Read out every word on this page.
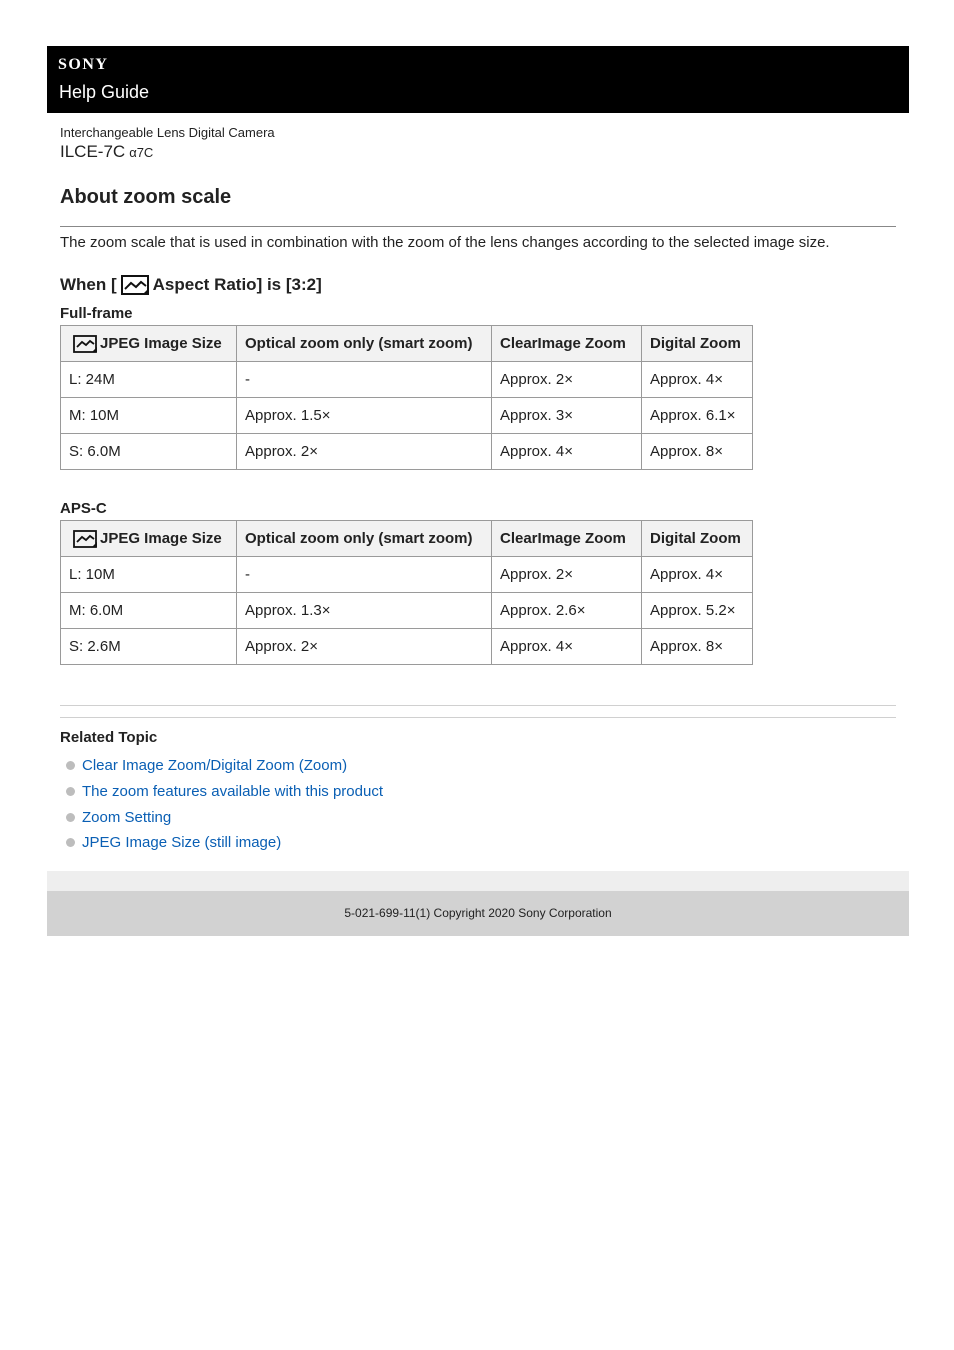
SONY
Help Guide
Interchangeable Lens Digital Camera
ILCE-7C α7C
About zoom scale
The zoom scale that is used in combination with the zoom of the lens changes according to the selected image size.
When [ Aspect Ratio] is [3:2]
Full-frame
JPEG Image Size	Optical zoom only (smart zoom)	ClearImage Zoom	Digital Zoom
L: 24M	-	Approx. 2×	Approx. 4×
M: 10M	Approx. 1.5×	Approx. 3×	Approx. 6.1×
S: 6.0M	Approx. 2×	Approx. 4×	Approx. 8×
APS-C
JPEG Image Size	Optical zoom only (smart zoom)	ClearImage Zoom	Digital Zoom
L: 10M	-	Approx. 2×	Approx. 4×
M: 6.0M	Approx. 1.3×	Approx. 2.6×	Approx. 5.2×
S: 2.6M	Approx. 2×	Approx. 4×	Approx. 8×
Related Topic
Clear Image Zoom/Digital Zoom (Zoom)
The zoom features available with this product
Zoom Setting
JPEG Image Size (still image)
5-021-699-11(1) Copyright 2020 Sony Corporation
